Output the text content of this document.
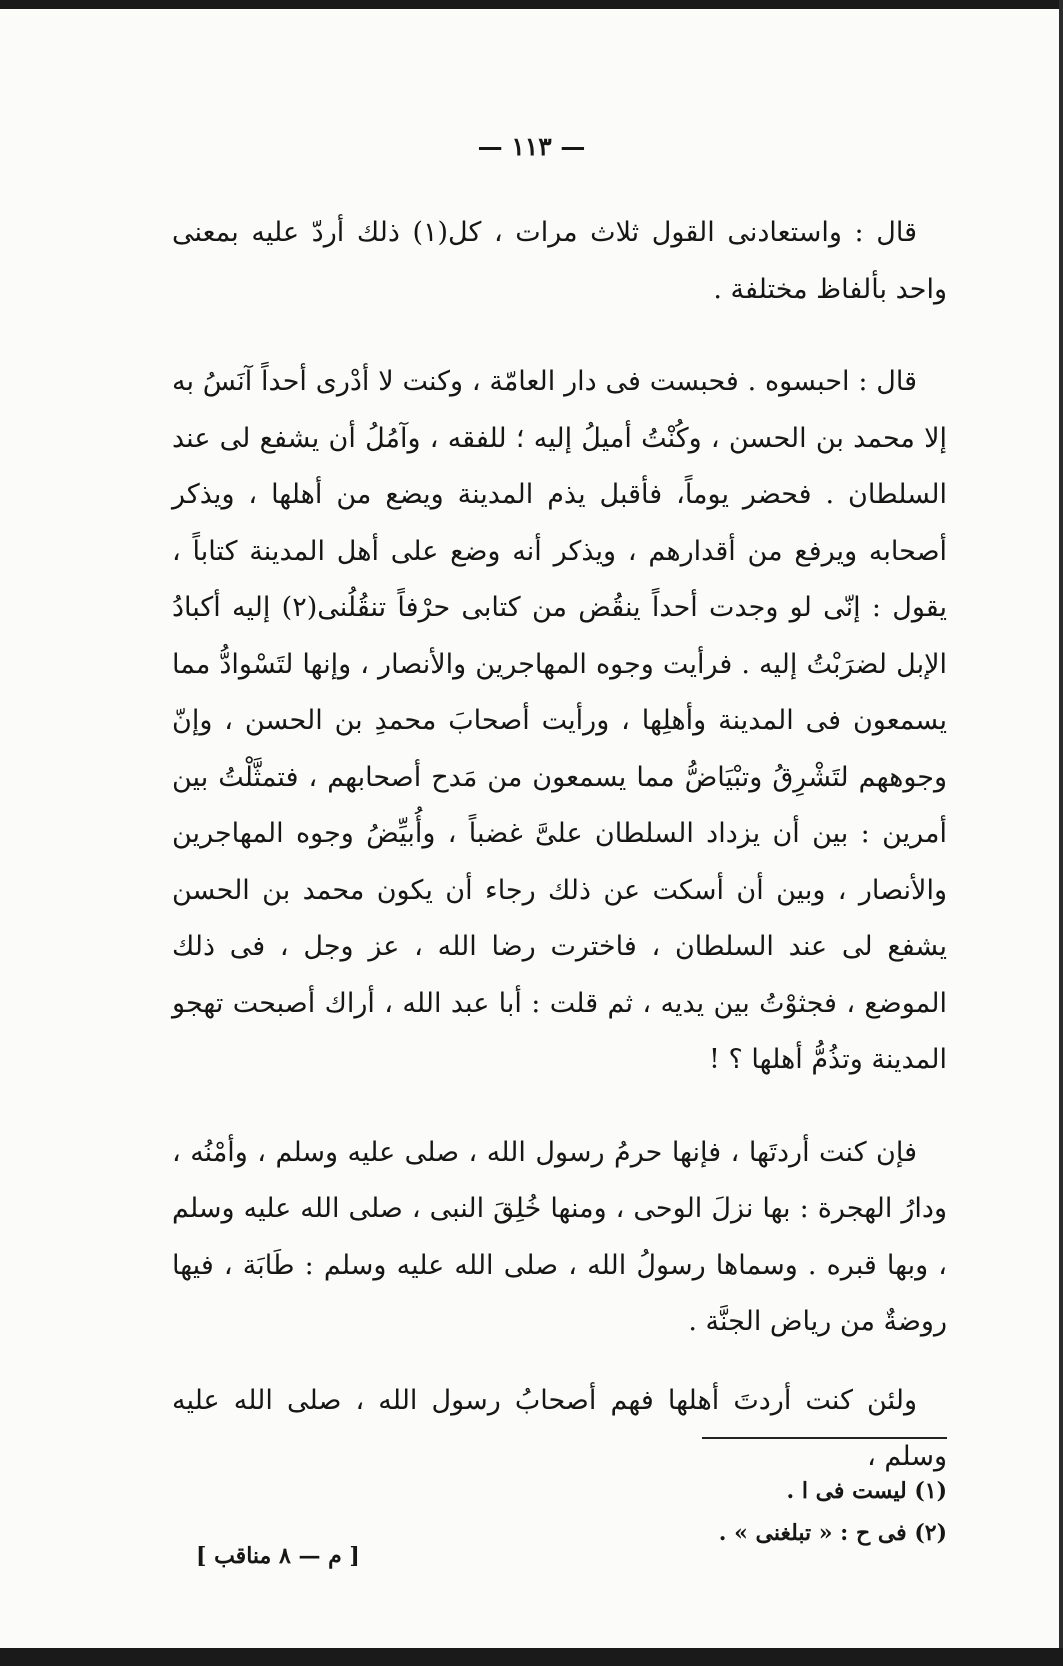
— ١١٣ —

قال : واستعادنى القول ثلاث مرات ، كل(١) ذلك أردّ عليه بمعنى واحد بألفاظ مختلفة .

قال : احبسوه . فحبست فى دار العامّة ، وكنت لا أدْرى أحداً آنَسُ به إلا محمد بن الحسن ، وكُنْتُ أميلُ إليه ؛ للفقه ، وآمُلُ أن يشفع لى عند السلطان . فحضر يوماً، فأقبل يذم المدينة ويضع من أهلها ، ويذكر أصحابه ويرفع من أقدارهم ، ويذكر أنه وضع على أهل المدينة كتاباً ، يقول : إنّى لو وجدت أحداً ينقُض من كتابى حرْفاً تنقُلُنى(٢) إليه أكبادُ الإبل لضرَبْتُ إليه . فرأيت وجوه المهاجرين والأنصار ، وإنها لتَسْوادُّ مما يسمعون فى المدينة وأهلِها ، ورأيت أصحابَ محمدِ بن الحسن ، وإنّ وجوههم لتَشْرِقُ وتبْيَاضُّ مما يسمعون من مَدح أصحابهم ، فتمثَّلْتُ بين أمرين : بين أن يزداد السلطان علىَّ غضباً ، وأُبيِّضُ وجوه المهاجرين والأنصار ، وبين أن أسكت عن ذلك رجاء أن يكون محمد بن الحسن يشفع لى عند السلطان ، فاخترت رضا الله ، عز وجل ، فى ذلك الموضع ، فجثوْتُ بين يديه ، ثم قلت : أبا عبد الله ، أراك أصبحت تهجو المدينة وتذُمُّ أهلها ؟ !

فإن كنت أردتَها ، فإنها حرمُ رسول الله ، صلى عليه وسلم ، وأمْنُه ، ودارُ الهجرة : بها نزلَ الوحى ، ومنها خُلِقَ النبى ، صلى الله عليه وسلم ، وبها قبره . وسماها رسولُ الله ، صلى الله عليه وسلم : طَابَة ، فيها روضةٌ من رياض الجنَّة .

ولئن كنت أردتَ أهلها فهم أصحابُ رسول الله ، صلى الله عليه وسلم ،

(١) ليست فى ا .
(٢) فى ح : « تبلغنى » .
[ م — ٨ مناقب ]
